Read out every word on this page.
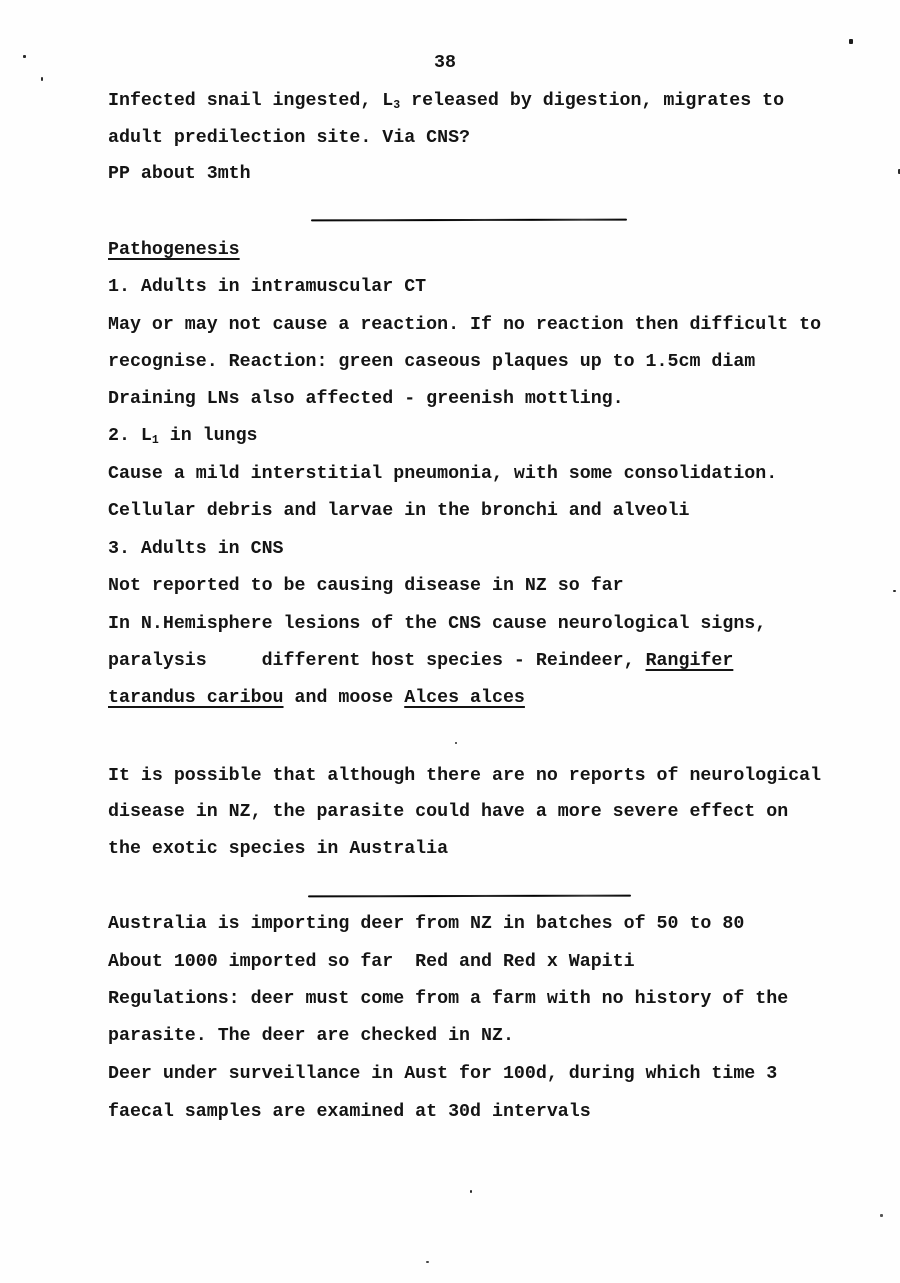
38
Infected snail ingested, $L_3$ released by digestion, migrates to
adult predilection site. Via CNS?
PP about 3mth
Pathogenesis
1. Adults in intramuscular CT
May or may not cause a reaction. If no reaction then difficult to
recognise. Reaction: green caseous plaques up to 1.5cm diam
Draining LNs also affected - greenish mottling.
2. $L_1$ in lungs
Cause a mild interstitial pneumonia, with some consolidation.
Cellular debris and larvae in the bronchi and alveoli
3. Adults in CNS
Not reported to be causing disease in NZ so far
In N.Hemisphere lesions of the CNS cause neurological signs,
paralysis     different host species - Reindeer, Rangifer
tarandus caribou and moose Alces alces
It is possible that although there are no reports of neurological
disease in NZ, the parasite could have a more severe effect on
the exotic species in Australia
Australia is importing deer from NZ in batches of 50 to 80
About 1000 imported so far  Red and Red x Wapiti
Regulations: deer must come from a farm with no history of the
parasite. The deer are checked in NZ.
Deer under surveillance in Aust for 100d, during which time 3
faecal samples are examined at 30d intervals
